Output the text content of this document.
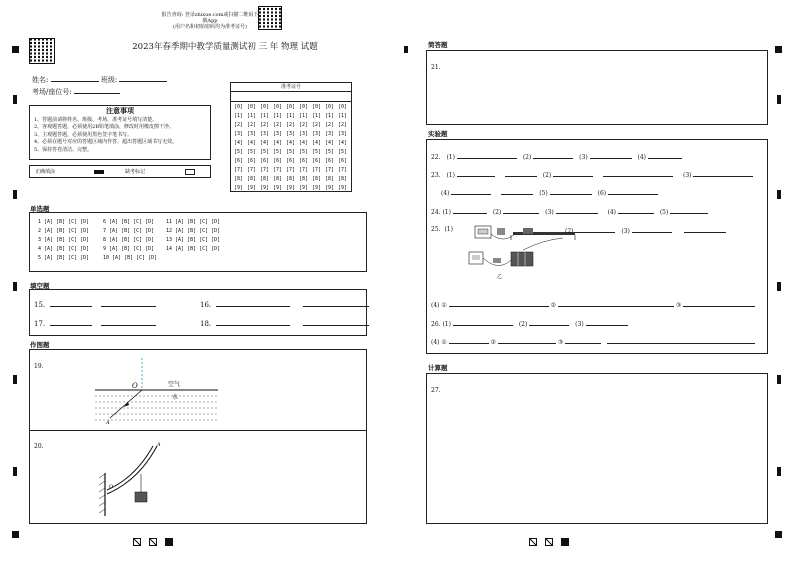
报告查询: 登录zhixue.com或扫描二维码下载App
(用户名和初始密码均为准考证号)

2023年春季期中教学质量测试初 三 年 物理 试题
姓名:	班级:
考场/座位号:
注意事项
1、答题前请将姓名、班级、考场、准考证号填写清楚。
2、客观题答题，必须使用2B铅笔填涂，修改时用橡皮擦干净。
3、主观题答题，必须使用黑色签字笔书写。
4、必须在题号对应的答题区域内作答，超出答题区域书写无效。
5、保持答卷清洁、完整。
正确填涂	缺考标记
准考证号
[0]	[0]	[0]	[0]	[0]	[0]	[0]	[0]	[0]
[1]	[1]	[1]	[1]	[1]	[1]	[1]	[1]	[1]
[2]	[2]	[2]	[2]	[2]	[2]	[2]	[2]	[2]
[3]	[3]	[3]	[3]	[3]	[3]	[3]	[3]	[3]
[4]	[4]	[4]	[4]	[4]	[4]	[4]	[4]	[4]
[5]	[5]	[5]	[5]	[5]	[5]	[5]	[5]	[5]
[6]	[6]	[6]	[6]	[6]	[6]	[6]	[6]	[6]
[7]	[7]	[7]	[7]	[7]	[7]	[7]	[7]	[7]
[8]	[8]	[8]	[8]	[8]	[8]	[8]	[8]	[8]
[9]	[9]	[9]	[9]	[9]	[9]	[9]	[9]	[9]
单选题
1 [A] [B] [C] [D]
2 [A] [B] [C] [D]
3 [A] [B] [C] [D]
4 [A] [B] [C] [D]
5 [A] [B] [C] [D]
6 [A] [B] [C] [D]
7 [A] [B] [C] [D]
8 [A] [B] [C] [D]
9 [A] [B] [C] [D]
10 [A] [B] [C] [D]
11 [A] [B] [C] [D]
12 [A] [B] [C] [D]
13 [A] [B] [C] [D]
14 [A] [B] [C] [D]
填空题
15.	16.
17.	18.
作图题
19.
20.
O	空气
水
A
O
A
简答题
21.
实验题
22. (1)	(2)	(3)	(4)
23. (1)	(2)	(3)
(4)	(5)	(6)
24. (1)	(2)	(3)	(4)	(5)
25. (1)
乙
(2)	(3)
(4) ①	②	③
26. (1)	(2)	(3)
(4) ①	②	③
计算题
27.
